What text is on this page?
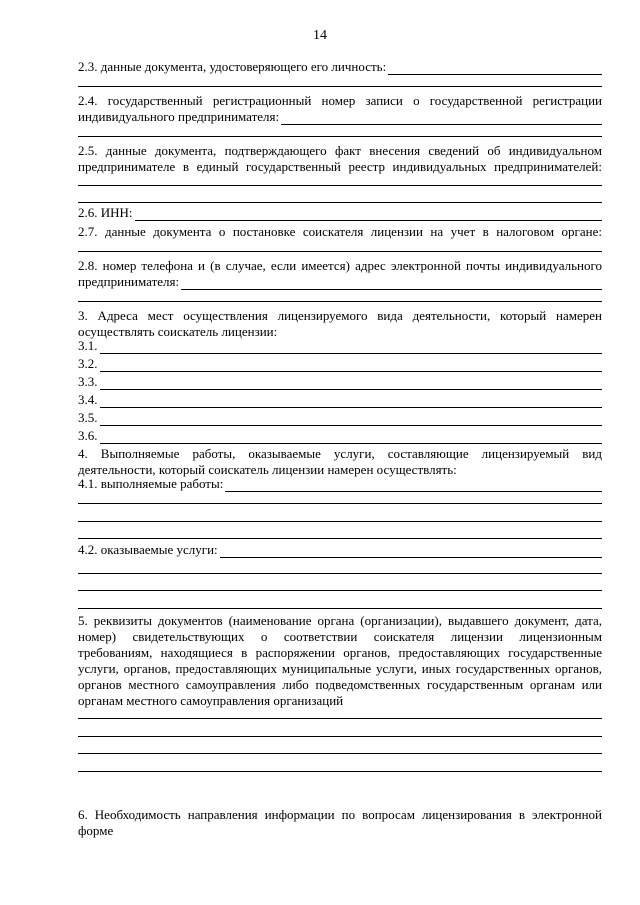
14
2.3. данные документа, удостоверяющего его личность:
2.4. государственный регистрационный номер записи о государственной регистрации
индивидуального предпринимателя:
2.5. данные документа, подтверждающего факт внесения сведений об индивидуальном
предпринимателе в единый государственный реестр индивидуальных предпринимателей:
2.6. ИНН:
2.7. данные документа о постановке соискателя лицензии на учет в налоговом органе:
2.8. номер телефона и (в случае, если имеется) адрес электронной почты индивидуального
предпринимателя:
3. Адреса мест осуществления лицензируемого вида деятельности, который намерен
осуществлять соискатель лицензии:
3.1.
3.2.
3.3.
3.4.
3.5.
3.6.
4. Выполняемые работы, оказываемые услуги, составляющие лицензируемый вид
деятельности, который соискатель лицензии намерен осуществлять:
4.1. выполняемые работы:
4.2. оказываемые услуги:
5. реквизиты документов (наименование органа (организации), выдавшего документ, дата,
номер) свидетельствующих о соответствии соискателя лицензии лицензионным
требованиям, находящиеся в распоряжении органов, предоставляющих государственные
услуги, органов, предоставляющих муниципальные услуги, иных государственных органов,
органов местного самоуправления либо подведомственных государственным органам или
органам местного самоуправления организаций
6. Необходимость направления информации по вопросам лицензирования в электронной
форме
